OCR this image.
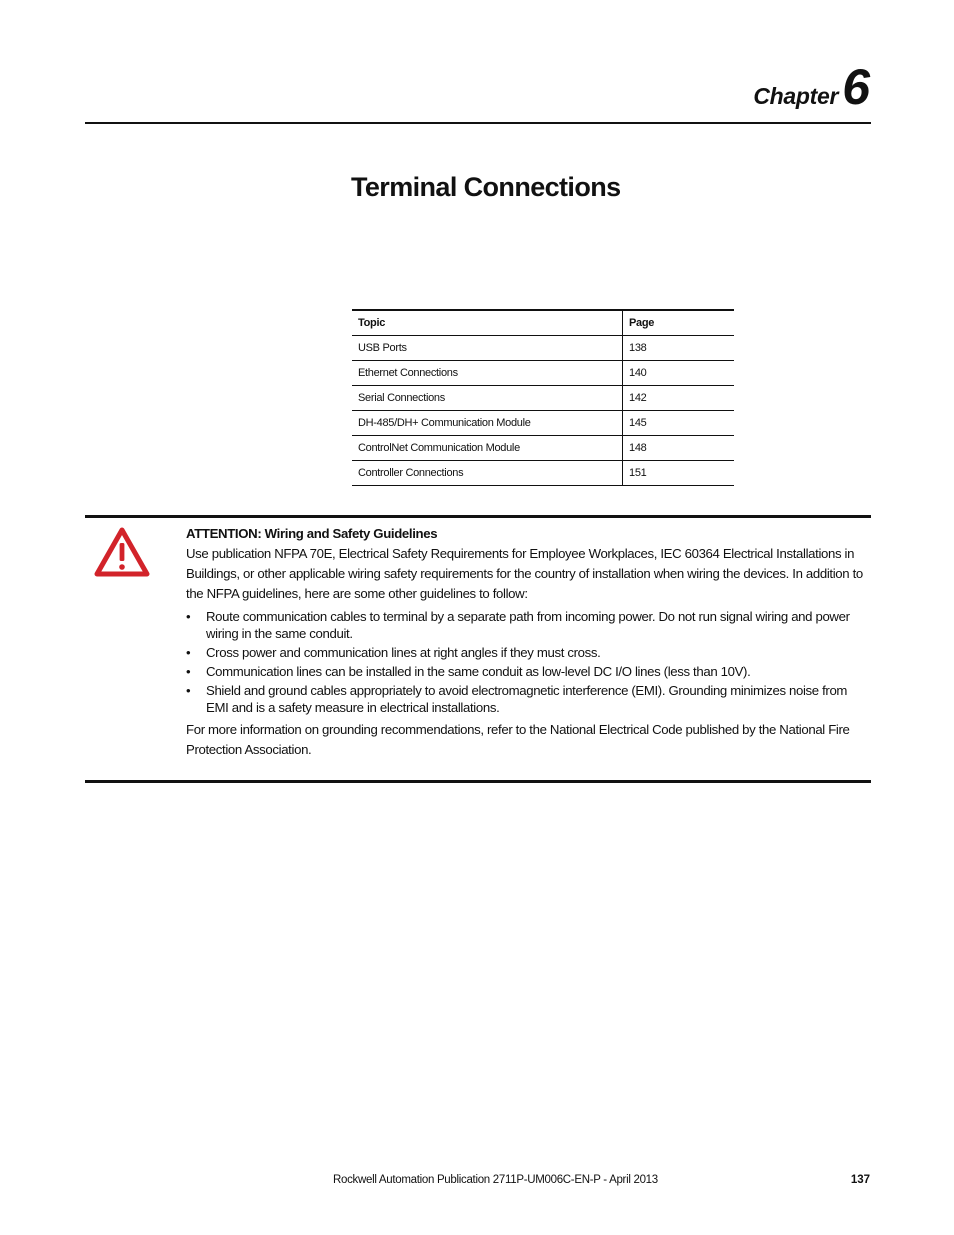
Chapter 6
Terminal Connections
Topic	Page
USB Ports	138
Ethernet Connections	140
Serial Connections	142
DH-485/DH+ Communication Module	145
ControlNet Communication Module	148
Controller Connections	151

ATTENTION: Wiring and Safety Guidelines

Use publication NFPA 70E, Electrical Safety Requirements for Employee Workplaces, IEC 60364 Electrical Installations in Buildings, or other applicable wiring safety requirements for the country of installation when wiring the devices. In addition to the NFPA guidelines, here are some other guidelines to follow:

• Route communication cables to terminal by a separate path from incoming power. Do not run signal wiring and power wiring in the same conduit.
• Cross power and communication lines at right angles if they must cross.
• Communication lines can be installed in the same conduit as low-level DC I/O lines (less than 10V).
• Shield and ground cables appropriately to avoid electromagnetic interference (EMI). Grounding minimizes noise from EMI and is a safety measure in electrical installations.

For more information on grounding recommendations, refer to the National Electrical Code published by the National Fire Protection Association.

Rockwell Automation Publication 2711P-UM006C-EN-P - April 2013	137
